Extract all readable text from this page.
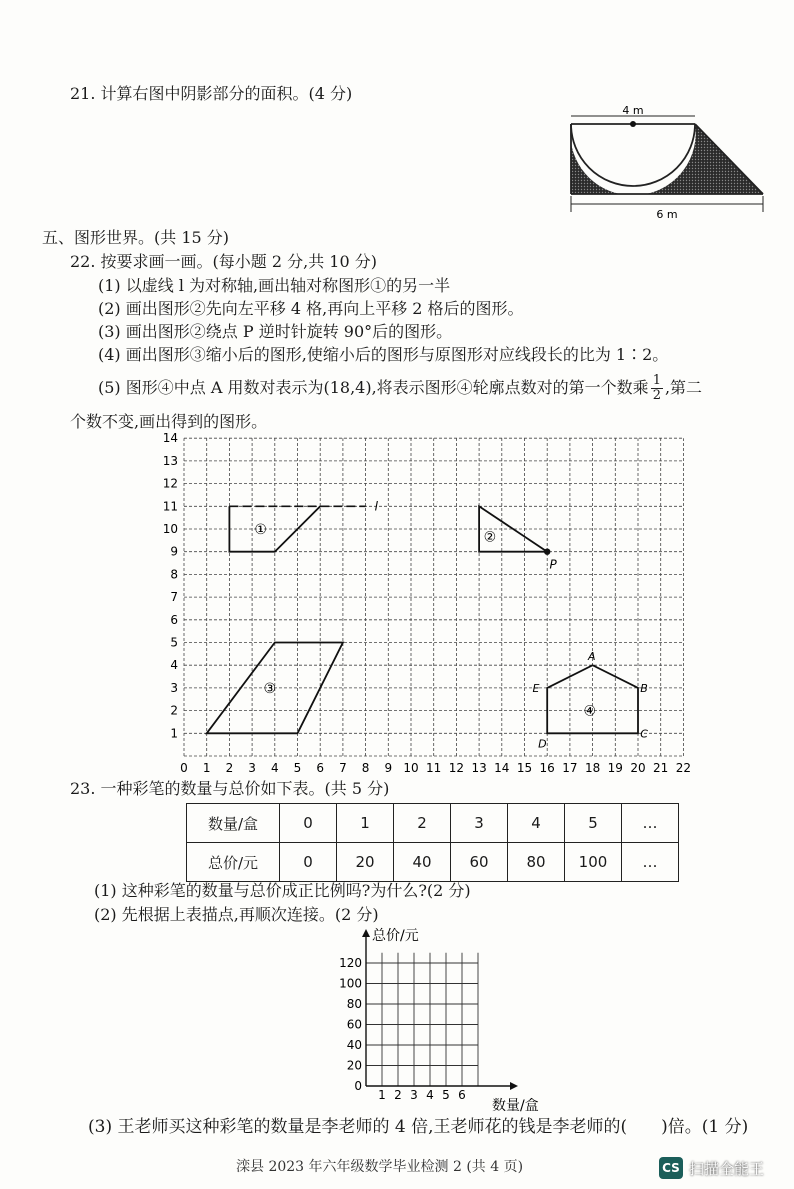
21. 计算右图中阴影部分的面积。(4 分)
4 m
6 m
五、图形世界。(共 15 分)
22. 按要求画一画。(每小题 2 分,共 10 分)
(1) 以虚线 l 为对称轴,画出轴对称图形①的另一半
(2) 画出图形②先向左平移 4 格,再向上平移 2 格后的图形。
(3) 画出图形②绕点 P 逆时针旋转 90°后的图形。
(4) 画出图形③缩小后的图形,使缩小后的图形与原图形对应线段长的比为 1∶2。
(5) 图形④中点 A 用数对表示为(18,4),将表示图形④轮廓点数对的第一个数乘 $\frac{1}{2}$ ,第二
个数不变,画出得到的图形。
0 1 2 3 4 5 6 7 8 9 10 11 12 13 14 15 16 17 18 19 20 21 22
1
2
3
4
5
6
7
8
9
10
11
12
13
14
l
①
P
②
③
④
A
B
C
D
E
23. 一种彩笔的数量与总价如下表。(共 5 分)
数量/盒	0	1	2	3	4	5	…
总价/元	0	20	40	60	80	100	…
(1) 这种彩笔的数量与总价成正比例吗?为什么?(2 分)
(2) 先根据上表描点,再顺次连接。(2 分)
0
20
40
60
80
100
120
1 2 3 4 5 6
总价/元
数量/盒
(3) 王老师买这种彩笔的数量是李老师的 4 倍,王老师花的钱是李老师的( )倍。(1 分)
滦县 2023 年六年级数学毕业检测 2 (共 4 页)	CS 扫描全能王
